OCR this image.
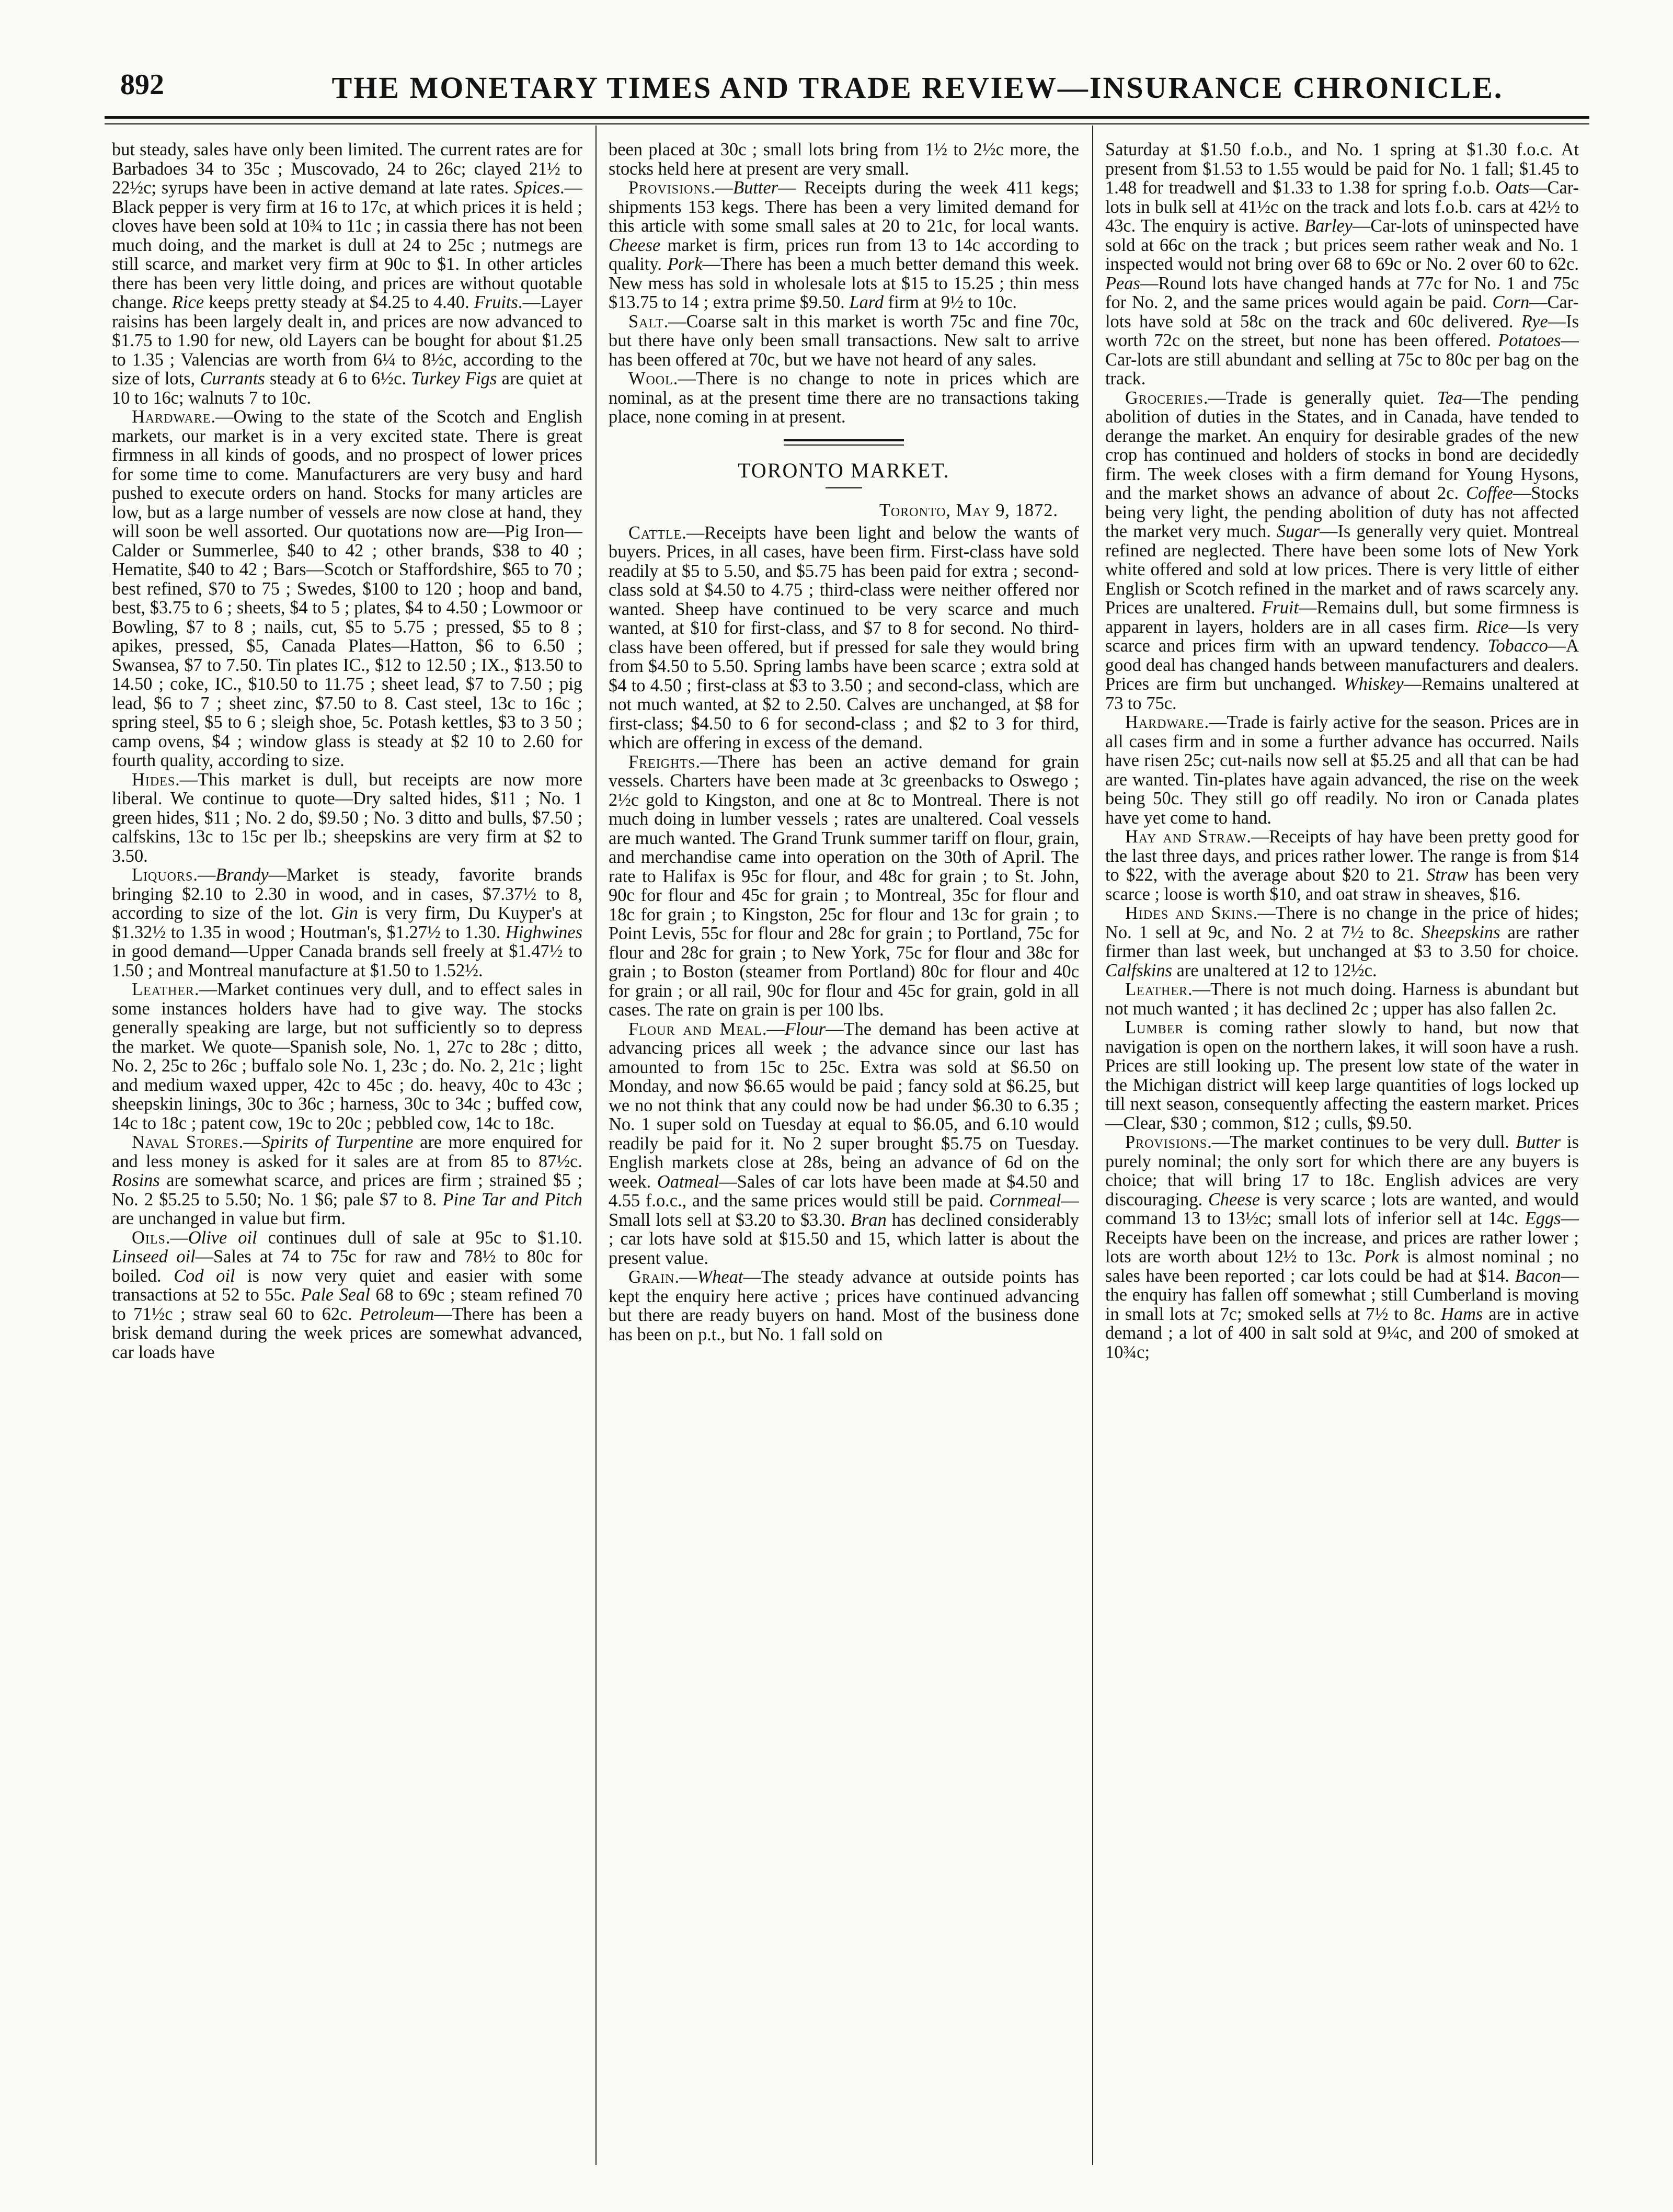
892	THE MONETARY TIMES AND TRADE REVIEW—INSURANCE CHRONICLE.

but steady, sales have only been limited. The current rates are for Barbadoes 34 to 35c ; Muscovado, 24 to 26c; clayed 21½ to 22½c; syrups have been in active demand at late rates. Spices.—Black pepper is very firm at 16 to 17c, at which prices it is held ; cloves have been sold at 10¾ to 11c ; in cassia there has not been much doing, and the market is dull at 24 to 25c ; nutmegs are still scarce, and market very firm at 90c to $1. In other articles there has been very little doing, and prices are without quotable change. Rice keeps pretty steady at $4.25 to 4.40. Fruits.—Layer raisins has been largely dealt in, and prices are now advanced to $1.75 to 1.90 for new, old Layers can be bought for about $1.25 to 1.35 ; Valencias are worth from 6¼ to 8½c, according to the size of lots, Currants steady at 6 to 6½c. Turkey Figs are quiet at 10 to 16c; walnuts 7 to 10c.

Hardware.—Owing to the state of the Scotch and English markets, our market is in a very excited state. There is great firmness in all kinds of goods, and no prospect of lower prices for some time to come. Manufacturers are very busy and hard pushed to execute orders on hand. Stocks for many articles are low, but as a large number of vessels are now close at hand, they will soon be well assorted. Our quotations now are—Pig Iron—Calder or Summerlee, $40 to 42 ; other brands, $38 to 40 ; Hematite, $40 to 42 ; Bars—Scotch or Staffordshire, $65 to 70 ; best refined, $70 to 75 ; Swedes, $100 to 120 ; hoop and band, best, $3.75 to 6 ; sheets, $4 to 5 ; plates, $4 to 4.50 ; Lowmoor or Bowling, $7 to 8 ; nails, cut, $5 to 5.75 ; pressed, $5 to 8 ; apikes, pressed, $5, Canada Plates—Hatton, $6 to 6.50 ; Swansea, $7 to 7.50. Tin plates IC., $12 to 12.50 ; IX., $13.50 to 14.50 ; coke, IC., $10.50 to 11.75 ; sheet lead, $7 to 7.50 ; pig lead, $6 to 7 ; sheet zinc, $7.50 to 8. Cast steel, 13c to 16c ; spring steel, $5 to 6 ; sleigh shoe, 5c. Potash kettles, $3 to 3 50 ; camp ovens, $4 ; window glass is steady at $2 10 to 2.60 for fourth quality, according to size.

Hides.—This market is dull, but receipts are now more liberal. We continue to quote—Dry salted hides, $11 ; No. 1 green hides, $11 ; No. 2 do, $9.50 ; No. 3 ditto and bulls, $7.50 ; calfskins, 13c to 15c per lb.; sheepskins are very firm at $2 to 3.50.

Liquors.—Brandy—Market is steady, favorite brands bringing $2.10 to 2.30 in wood, and in cases, $7.37½ to 8, according to size of the lot. Gin is very firm, Du Kuyper's at $1.32½ to 1.35 in wood ; Houtman's, $1.27½ to 1.30. Highwines in good demand—Upper Canada brands sell freely at $1.47½ to 1.50 ; and Montreal manufacture at $1.50 to 1.52½.

Leather.—Market continues very dull, and to effect sales in some instances holders have had to give way. The stocks generally speaking are large, but not sufficiently so to depress the market. We quote—Spanish sole, No. 1, 27c to 28c ; ditto, No. 2, 25c to 26c ; buffalo sole No. 1, 23c ; do. No. 2, 21c ; light and medium waxed upper, 42c to 45c ; do. heavy, 40c to 43c ; sheepskin linings, 30c to 36c ; harness, 30c to 34c ; buffed cow, 14c to 18c ; patent cow, 19c to 20c ; pebbled cow, 14c to 18c.

Naval Stores.—Spirits of Turpentine are more enquired for and less money is asked for it sales are at from 85 to 87½c. Rosins are somewhat scarce, and prices are firm ; strained $5 ; No. 2 $5.25 to 5.50; No. 1 $6; pale $7 to 8. Pine Tar and Pitch are unchanged in value but firm.

Oils.—Olive oil continues dull of sale at 95c to $1.10. Linseed oil—Sales at 74 to 75c for raw and 78½ to 80c for boiled. Cod oil is now very quiet and easier with some transactions at 52 to 55c. Pale Seal 68 to 69c ; steam refined 70 to 71½c ; straw seal 60 to 62c. Petroleum—There has been a brisk demand during the week prices are somewhat advanced, car loads have

been placed at 30c ; small lots bring from 1½ to 2½c more, the stocks held here at present are very small.

Provisions.—Butter— Receipts during the week 411 kegs; shipments 153 kegs. There has been a very limited demand for this article with some small sales at 20 to 21c, for local wants. Cheese market is firm, prices run from 13 to 14c according to quality. Pork—There has been a much better demand this week. New mess has sold in wholesale lots at $15 to 15.25 ; thin mess $13.75 to 14 ; extra prime $9.50. Lard firm at 9½ to 10c.

Salt.—Coarse salt in this market is worth 75c and fine 70c, but there have only been small transactions. New salt to arrive has been offered at 70c, but we have not heard of any sales.

Wool.—There is no change to note in prices which are nominal, as at the present time there are no transactions taking place, none coming in at present.

TORONTO MARKET.

Toronto, May 9, 1872.

Cattle.—Receipts have been light and below the wants of buyers. Prices, in all cases, have been firm. First-class have sold readily at $5 to 5.50, and $5.75 has been paid for extra ; second-class sold at $4.50 to 4.75 ; third-class were neither offered nor wanted. Sheep have continued to be very scarce and much wanted, at $10 for first-class, and $7 to 8 for second. No third-class have been offered, but if pressed for sale they would bring from $4.50 to 5.50. Spring lambs have been scarce ; extra sold at $4 to 4.50 ; first-class at $3 to 3.50 ; and second-class, which are not much wanted, at $2 to 2.50. Calves are unchanged, at $8 for first-class; $4.50 to 6 for second-class ; and $2 to 3 for third, which are offering in excess of the demand.

Freights.—There has been an active demand for grain vessels. Charters have been made at 3c greenbacks to Oswego ; 2½c gold to Kingston, and one at 8c to Montreal. There is not much doing in lumber vessels ; rates are unaltered. Coal vessels are much wanted. The Grand Trunk summer tariff on flour, grain, and merchandise came into operation on the 30th of April. The rate to Halifax is 95c for flour, and 48c for grain ; to St. John, 90c for flour and 45c for grain ; to Montreal, 35c for flour and 18c for grain ; to Kingston, 25c for flour and 13c for grain ; to Point Levis, 55c for flour and 28c for grain ; to Portland, 75c for flour and 28c for grain ; to New York, 75c for flour and 38c for grain ; to Boston (steamer from Portland) 80c for flour and 40c for grain ; or all rail, 90c for flour and 45c for grain, gold in all cases. The rate on grain is per 100 lbs.

Flour and Meal.—Flour—The demand has been active at advancing prices all week ; the advance since our last has amounted to from 15c to 25c. Extra was sold at $6.50 on Monday, and now $6.65 would be paid ; fancy sold at $6.25, but we no not think that any could now be had under $6.30 to 6.35 ; No. 1 super sold on Tuesday at equal to $6.05, and 6.10 would readily be paid for it. No 2 super brought $5.75 on Tuesday. English markets close at 28s, being an advance of 6d on the week. Oatmeal—Sales of car lots have been made at $4.50 and 4.55 f.o.c., and the same prices would still be paid. Cornmeal—Small lots sell at $3.20 to $3.30. Bran has declined considerably ; car lots have sold at $15.50 and 15, which latter is about the present value.

Grain.—Wheat—The steady advance at outside points has kept the enquiry here active ; prices have continued advancing but there are ready buyers on hand. Most of the business done has been on p.t., but No. 1 fall sold on

Saturday at $1.50 f.o.b., and No. 1 spring at $1.30 f.o.c. At present from $1.53 to 1.55 would be paid for No. 1 fall; $1.45 to 1.48 for treadwell and $1.33 to 1.38 for spring f.o.b. Oats—Car-lots in bulk sell at 41½c on the track and lots f.o.b. cars at 42½ to 43c. The enquiry is active. Barley—Car-lots of uninspected have sold at 66c on the track ; but prices seem rather weak and No. 1 inspected would not bring over 68 to 69c or No. 2 over 60 to 62c. Peas—Round lots have changed hands at 77c for No. 1 and 75c for No. 2, and the same prices would again be paid. Corn—Car-lots have sold at 58c on the track and 60c delivered. Rye—Is worth 72c on the street, but none has been offered. Potatoes—Car-lots are still abundant and selling at 75c to 80c per bag on the track.

Groceries.—Trade is generally quiet. Tea—The pending abolition of duties in the States, and in Canada, have tended to derange the market. An enquiry for desirable grades of the new crop has continued and holders of stocks in bond are decidedly firm. The week closes with a firm demand for Young Hysons, and the market shows an advance of about 2c. Coffee—Stocks being very light, the pending abolition of duty has not affected the market very much. Sugar—Is generally very quiet. Montreal refined are neglected. There have been some lots of New York white offered and sold at low prices. There is very little of either English or Scotch refined in the market and of raws scarcely any. Prices are unaltered. Fruit—Remains dull, but some firmness is apparent in layers, holders are in all cases firm. Rice—Is very scarce and prices firm with an upward tendency. Tobacco—A good deal has changed hands between manufacturers and dealers. Prices are firm but unchanged. Whiskey—Remains unaltered at 73 to 75c.

Hardware.—Trade is fairly active for the season. Prices are in all cases firm and in some a further advance has occurred. Nails have risen 25c; cut-nails now sell at $5.25 and all that can be had are wanted. Tin-plates have again advanced, the rise on the week being 50c. They still go off readily. No iron or Canada plates have yet come to hand.

Hay and Straw.—Receipts of hay have been pretty good for the last three days, and prices rather lower. The range is from $14 to $22, with the average about $20 to 21. Straw has been very scarce ; loose is worth $10, and oat straw in sheaves, $16.

Hides and Skins.—There is no change in the price of hides; No. 1 sell at 9c, and No. 2 at 7½ to 8c. Sheepskins are rather firmer than last week, but unchanged at $3 to 3.50 for choice. Calfskins are unaltered at 12 to 12½c.

Leather.—There is not much doing. Harness is abundant but not much wanted ; it has declined 2c ; upper has also fallen 2c.

Lumber is coming rather slowly to hand, but now that navigation is open on the northern lakes, it will soon have a rush. Prices are still looking up. The present low state of the water in the Michigan district will keep large quantities of logs locked up till next season, consequently affecting the eastern market. Prices—Clear, $30 ; common, $12 ; culls, $9.50.

Provisions.—The market continues to be very dull. Butter is purely nominal; the only sort for which there are any buyers is choice; that will bring 17 to 18c. English advices are very discouraging. Cheese is very scarce ; lots are wanted, and would command 13 to 13½c; small lots of inferior sell at 14c. Eggs—Receipts have been on the increase, and prices are rather lower ; lots are worth about 12½ to 13c. Pork is almost nominal ; no sales have been reported ; car lots could be had at $14. Bacon—the enquiry has fallen off somewhat ; still Cumberland is moving in small lots at 7c; smoked sells at 7½ to 8c. Hams are in active demand ; a lot of 400 in salt sold at 9¼c, and 200 of smoked at 10¾c;
